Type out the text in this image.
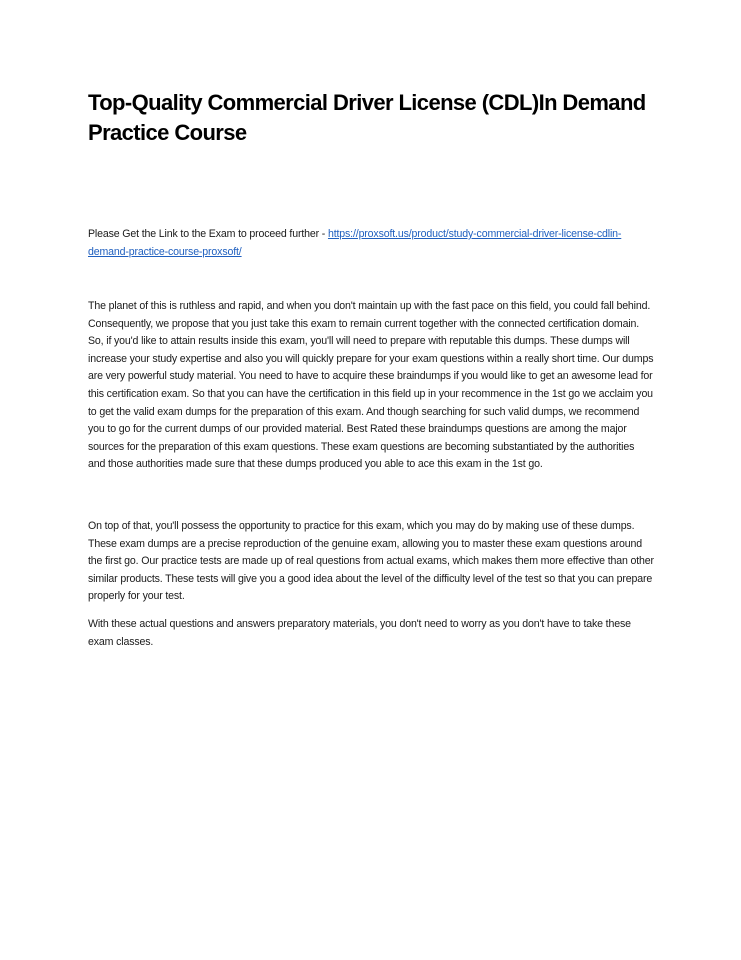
Top-Quality Commercial Driver License (CDL)In Demand Practice Course

Please Get the Link to the Exam to proceed further - https://proxsoft.us/product/study-commercial-driver-license-cdlin-demand-practice-course-proxsoft/

The planet of this is ruthless and rapid, and when you don't maintain up with the fast pace on this field, you could fall behind. Consequently, we propose that you just take this exam to remain current together with the connected certification domain. So, if you'd like to attain results inside this exam, you'll will need to prepare with reputable this dumps. These dumps will increase your study expertise and also you will quickly prepare for your exam questions within a really short time. Our dumps are very powerful study material. You need to have to acquire these braindumps if you would like to get an awesome lead for this certification exam. So that you can have the certification in this field up in your recommence in the 1st go we acclaim you to get the valid exam dumps for the preparation of this exam. And though searching for such valid dumps, we recommend you to go for the current dumps of our provided material. Best Rated these braindumps questions are among the major sources for the preparation of this exam questions. These exam questions are becoming substantiated by the authorities and those authorities made sure that these dumps produced you able to ace this exam in the 1st go.

On top of that, you'll possess the opportunity to practice for this exam, which you may do by making use of these dumps. These exam dumps are a precise reproduction of the genuine exam, allowing you to master these exam questions around the first go. Our practice tests are made up of real questions from actual exams, which makes them more effective than other similar products. These tests will give you a good idea about the level of the difficulty level of the test so that you can prepare properly for your test.

With these actual questions and answers preparatory materials, you don't need to worry as you don't have to take these exam classes.
